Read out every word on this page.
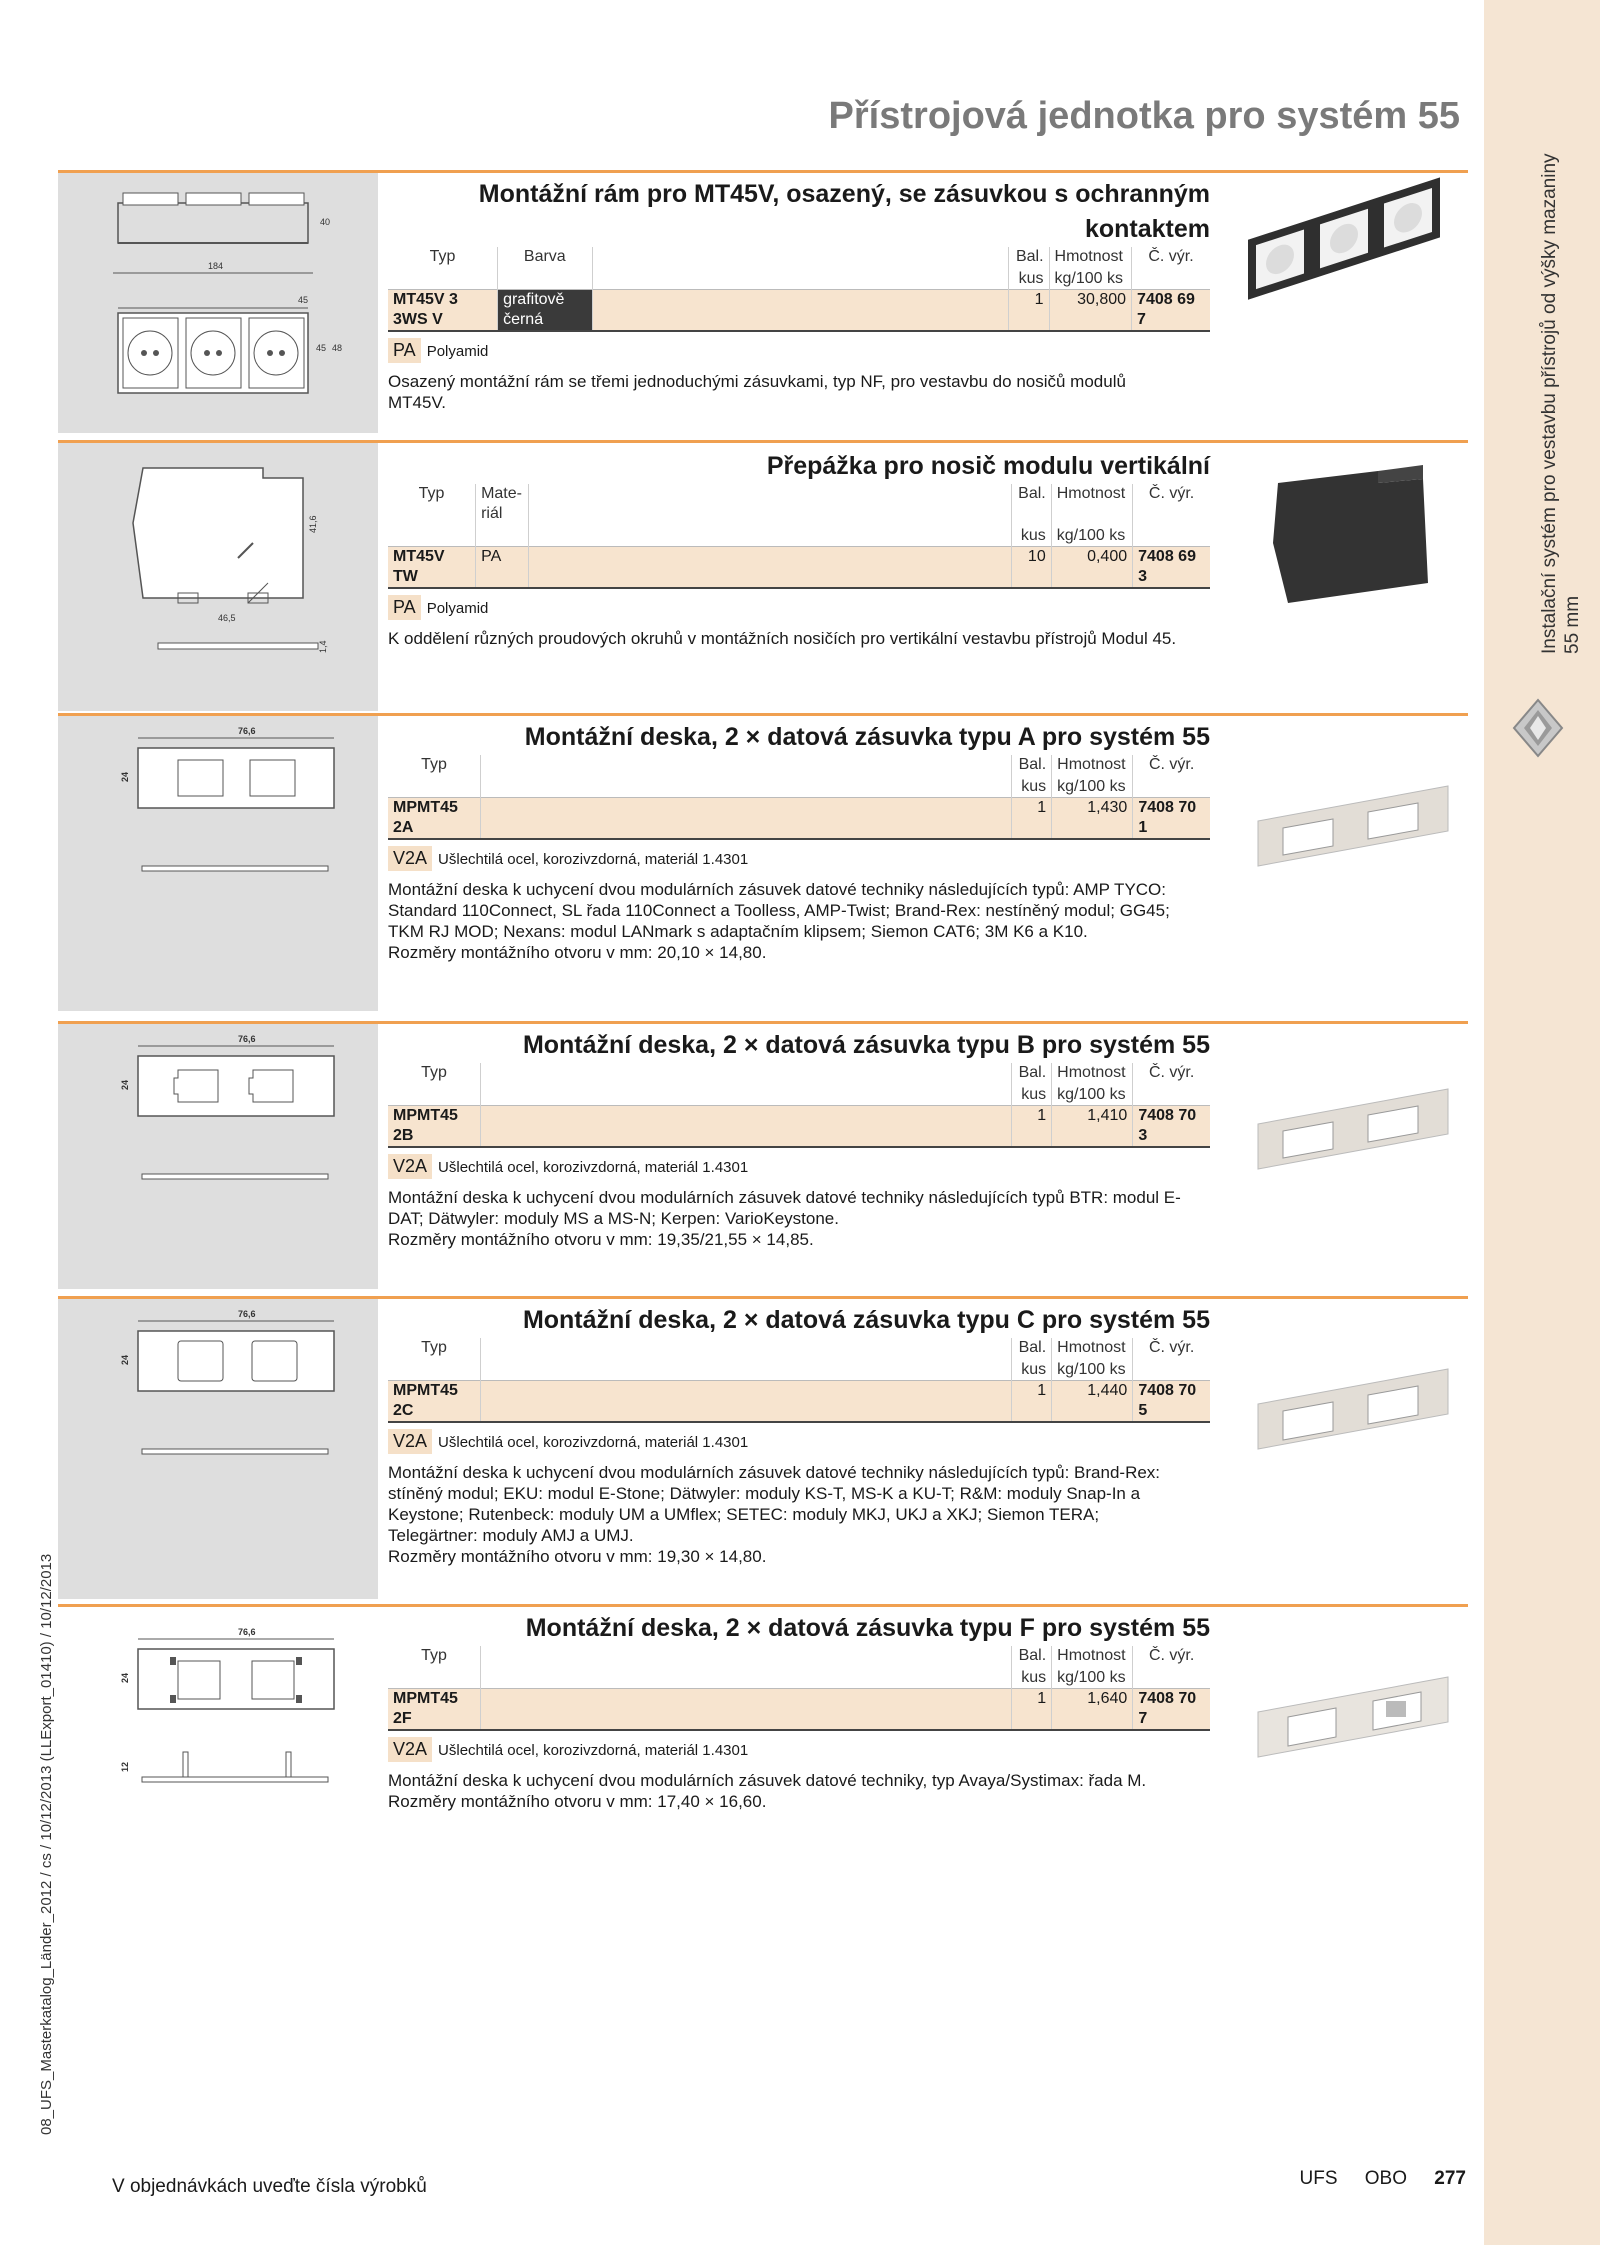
Instalační systém pro vestavbu přístrojů od výšky mazaniny 55 mm
08_UFS_Masterkatalog_Länder_2012 / cs / 10/12/2013 (LLExport_01410) / 10/12/2013
Přístrojová jednotka pro systém 55
184
45
40
45 48
Montážní rám pro MT45V, osazený, se zásuvkou s ochranným kontaktem
Typ	Barva		Bal.	Hmotnost	Č. výr.
			kus	kg/100 ks	
MT45V 3 3WS V	grafitově černá		1	30,800	7408 69 7
PA Polyamid
Osazený montážní rám se třemi jednoduchými zásuvkami, typ NF, pro vestavbu do nosičů modulů MT45V.
46,5
41,6
1,4
Přepážka pro nosič modulu vertikální
Typ	Mate-riál		Bal.	Hmotnost	Č. výr.
			kus	kg/100 ks	
MT45V TW	PA		10	0,400	7408 69 3
PA Polyamid
K oddělení různých proudových okruhů v montážních nosičích pro vertikální vestavbu přístrojů Modul 45.
76,6
24
Montážní deska, 2 × datová zásuvka typu A pro systém 55
Typ		Bal.	Hmotnost	Č. výr.
		kus	kg/100 ks	
MPMT45 2A		1	1,430	7408 70 1
V2A Ušlechtilá ocel, korozivzdorná, materiál 1.4301
Montážní deska k uchycení dvou modulárních zásuvek datové techniky následujících typů: AMP TYCO: Standard 110Connect, SL řada 110Connect a Toolless, AMP-Twist; Brand-Rex: nestíněný modul; GG45; TKM RJ MOD; Nexans: modul LANmark s adaptačním klipsem; Siemon CAT6; 3M K6 a K10.
Rozměry montážního otvoru v mm: 20,10 × 14,80.
76,6
24
Montážní deska, 2 × datová zásuvka typu B pro systém 55
Typ		Bal.	Hmotnost	Č. výr.
		kus	kg/100 ks	
MPMT45 2B		1	1,410	7408 70 3
V2A Ušlechtilá ocel, korozivzdorná, materiál 1.4301
Montážní deska k uchycení dvou modulárních zásuvek datové techniky následujících typů BTR: modul E-DAT; Dätwyler: moduly MS a MS-N; Kerpen: VarioKeystone.
Rozměry montážního otvoru v mm: 19,35/21,55 × 14,85.
76,6
24
Montážní deska, 2 × datová zásuvka typu C pro systém 55
Typ		Bal.	Hmotnost	Č. výr.
		kus	kg/100 ks	
MPMT45 2C		1	1,440	7408 70 5
V2A Ušlechtilá ocel, korozivzdorná, materiál 1.4301
Montážní deska k uchycení dvou modulárních zásuvek datové techniky následujících typů: Brand-Rex: stíněný modul; EKU: modul E-Stone; Dätwyler: moduly KS-T, MS-K a KU-T; R&M: moduly Snap-In a Keystone; Rutenbeck: moduly UM a UMflex; SETEC: moduly MKJ, UKJ a XKJ; Siemon TERA; Telegärtner: moduly AMJ a UMJ.
Rozměry montážního otvoru v mm: 19,30 × 14,80.
76,6
24
12
Montážní deska, 2 × datová zásuvka typu F pro systém 55
Typ		Bal.	Hmotnost	Č. výr.
		kus	kg/100 ks	
MPMT45 2F		1	1,640	7408 70 7
V2A Ušlechtilá ocel, korozivzdorná, materiál 1.4301
Montážní deska k uchycení dvou modulárních zásuvek datové techniky, typ Avaya/Systimax: řada M.
Rozměry montážního otvoru v mm: 17,40 × 16,60.
V objednávkách uveďte čísla výrobků	UFS OBO 277
